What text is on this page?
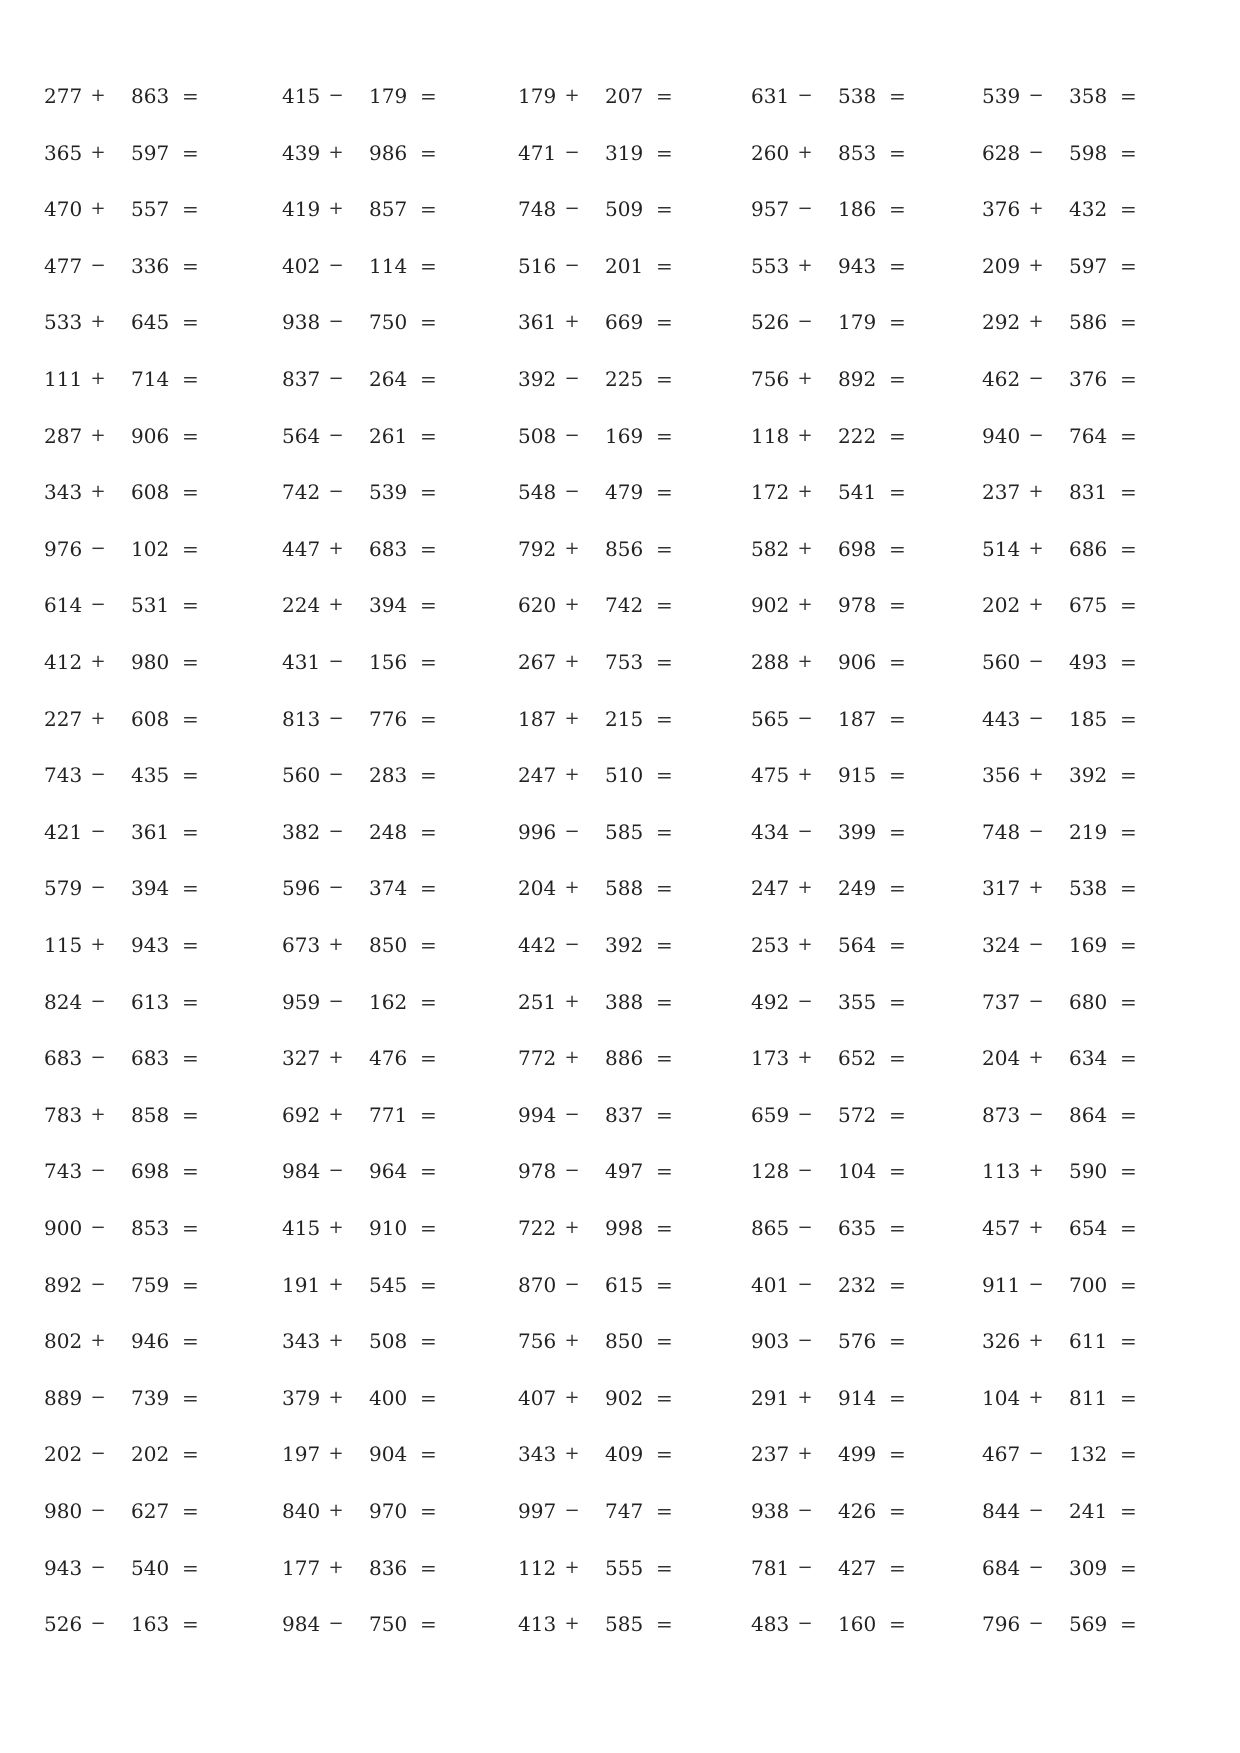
277 + 863 =	415 − 179 =	179 + 207 =	631 − 538 =	539 − 358 =
365 + 597 =	439 + 986 =	471 − 319 =	260 + 853 =	628 − 598 =
470 + 557 =	419 + 857 =	748 − 509 =	957 − 186 =	376 + 432 =
477 − 336 =	402 − 114 =	516 − 201 =	553 + 943 =	209 + 597 =
533 + 645 =	938 − 750 =	361 + 669 =	526 − 179 =	292 + 586 =
111 + 714 =	837 − 264 =	392 − 225 =	756 + 892 =	462 − 376 =
287 + 906 =	564 − 261 =	508 − 169 =	118 + 222 =	940 − 764 =
343 + 608 =	742 − 539 =	548 − 479 =	172 + 541 =	237 + 831 =
976 − 102 =	447 + 683 =	792 + 856 =	582 + 698 =	514 + 686 =
614 − 531 =	224 + 394 =	620 + 742 =	902 + 978 =	202 + 675 =
412 + 980 =	431 − 156 =	267 + 753 =	288 + 906 =	560 − 493 =
227 + 608 =	813 − 776 =	187 + 215 =	565 − 187 =	443 − 185 =
743 − 435 =	560 − 283 =	247 + 510 =	475 + 915 =	356 + 392 =
421 − 361 =	382 − 248 =	996 − 585 =	434 − 399 =	748 − 219 =
579 − 394 =	596 − 374 =	204 + 588 =	247 + 249 =	317 + 538 =
115 + 943 =	673 + 850 =	442 − 392 =	253 + 564 =	324 − 169 =
824 − 613 =	959 − 162 =	251 + 388 =	492 − 355 =	737 − 680 =
683 − 683 =	327 + 476 =	772 + 886 =	173 + 652 =	204 + 634 =
783 + 858 =	692 + 771 =	994 − 837 =	659 − 572 =	873 − 864 =
743 − 698 =	984 − 964 =	978 − 497 =	128 − 104 =	113 + 590 =
900 − 853 =	415 + 910 =	722 + 998 =	865 − 635 =	457 + 654 =
892 − 759 =	191 + 545 =	870 − 615 =	401 − 232 =	911 − 700 =
802 + 946 =	343 + 508 =	756 + 850 =	903 − 576 =	326 + 611 =
889 − 739 =	379 + 400 =	407 + 902 =	291 + 914 =	104 + 811 =
202 − 202 =	197 + 904 =	343 + 409 =	237 + 499 =	467 − 132 =
980 − 627 =	840 + 970 =	997 − 747 =	938 − 426 =	844 − 241 =
943 − 540 =	177 + 836 =	112 + 555 =	781 − 427 =	684 − 309 =
526 − 163 =	984 − 750 =	413 + 585 =	483 − 160 =	796 − 569 =
